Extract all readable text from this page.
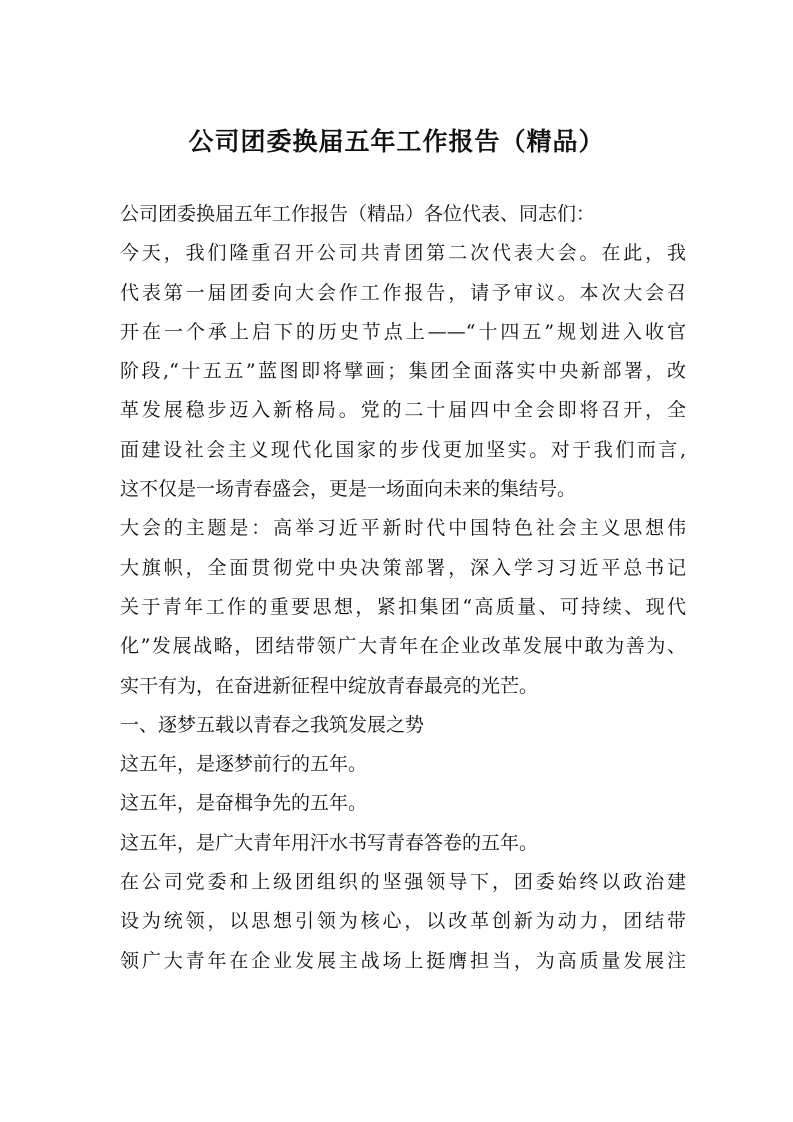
公司团委换届五年工作报告（精品）
公司团委换届五年工作报告（精品）各位代表、同志们：
今天，我们隆重召开公司共青团第二次代表大会。在此，我
代表第一届团委向大会作工作报告，请予审议。本次大会召
开在一个承上启下的历史节点上——“十四五”规划进入收官
阶段,“十五五”蓝图即将擘画；集团全面落实中央新部署，改
革发展稳步迈入新格局。党的二十届四中全会即将召开，全
面建设社会主义现代化国家的步伐更加坚实。对于我们而言,
这不仅是一场青春盛会，更是一场面向未来的集结号。
大会的主题是：高举习近平新时代中国特色社会主义思想伟
大旗帜，全面贯彻党中央决策部署，深入学习习近平总书记
关于青年工作的重要思想，紧扣集团“高质量、可持续、现代
化”发展战略，团结带领广大青年在企业改革发展中敢为善为、
实干有为，在奋进新征程中绽放青春最亮的光芒。
一、逐梦五载以青春之我筑发展之势
这五年，是逐梦前行的五年。
这五年，是奋楫争先的五年。
这五年，是广大青年用汗水书写青春答卷的五年。
在公司党委和上级团组织的坚强领导下，团委始终以政治建
设为统领，以思想引领为核心，以改革创新为动力，团结带
领广大青年在企业发展主战场上挺膺担当，为高质量发展注
